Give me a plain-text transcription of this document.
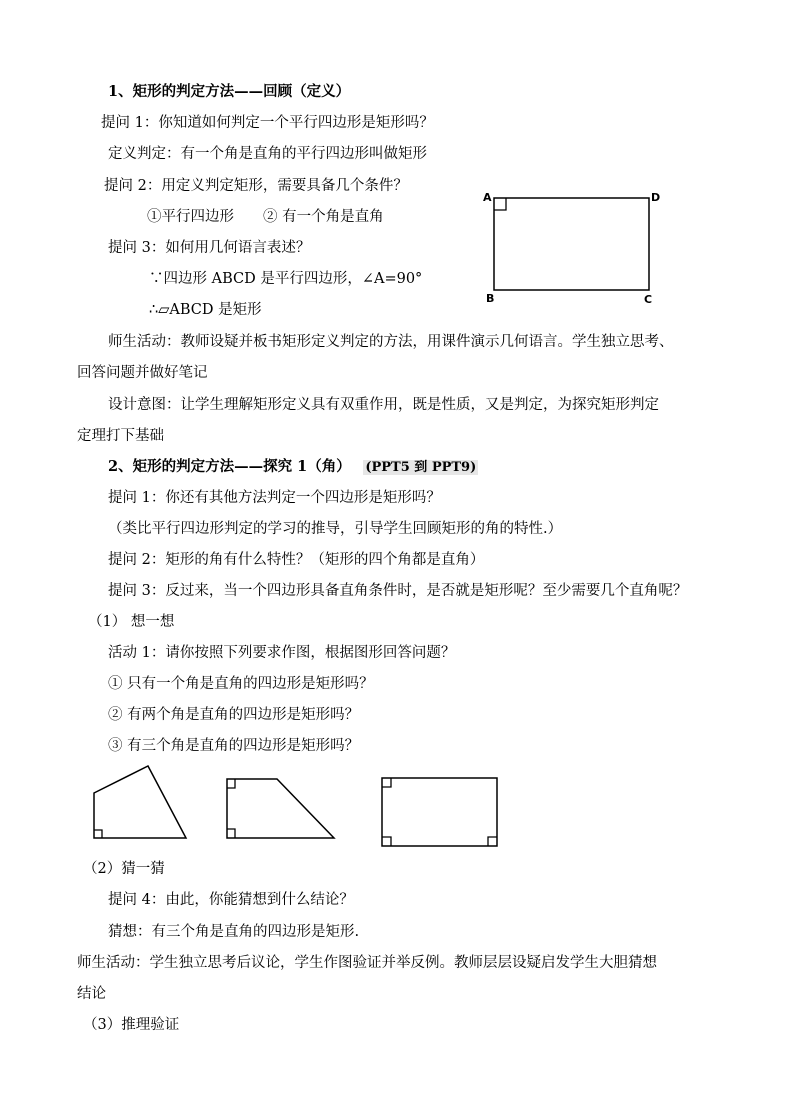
1、矩形的判定方法——回顾（定义）
提问 1：你知道如何判定一个平行四边形是矩形吗？
定义判定：有一个角是直角的平行四边形叫做矩形
提问 2：用定义判定矩形，需要具备几个条件？
①平行四边形　　② 有一个角是直角
提问 3：如何用几何语言表述？
∵四边形 ABCD 是平行四边形，∠A=90°
∴▱ABCD 是矩形
A	D
B	C
师生活动：教师设疑并板书矩形定义判定的方法，用课件演示几何语言。学生独立思考、
回答问题并做好笔记
设计意图：让学生理解矩形定义具有双重作用，既是性质，又是判定，为探究矩形判定
定理打下基础
2、矩形的判定方法——探究 1（角） (PPT5 到 PPT9)
提问 1：你还有其他方法判定一个四边形是矩形吗？
（类比平行四边形判定的学习的推导，引导学生回顾矩形的角的特性.）
提问 2：矩形的角有什么特性？（矩形的四个角都是直角）
提问 3：反过来，当一个四边形具备直角条件时，是否就是矩形呢？至少需要几个直角呢？
（1） 想一想
活动 1：请你按照下列要求作图，根据图形回答问题？
① 只有一个角是直角的四边形是矩形吗？
② 有两个角是直角的四边形是矩形吗？
③ 有三个角是直角的四边形是矩形吗？
（2）猜一猜
提问 4：由此，你能猜想到什么结论？
猜想：有三个角是直角的四边形是矩形.
师生活动：学生独立思考后议论，学生作图验证并举反例。教师层层设疑启发学生大胆猜想
结论
（3）推理验证
